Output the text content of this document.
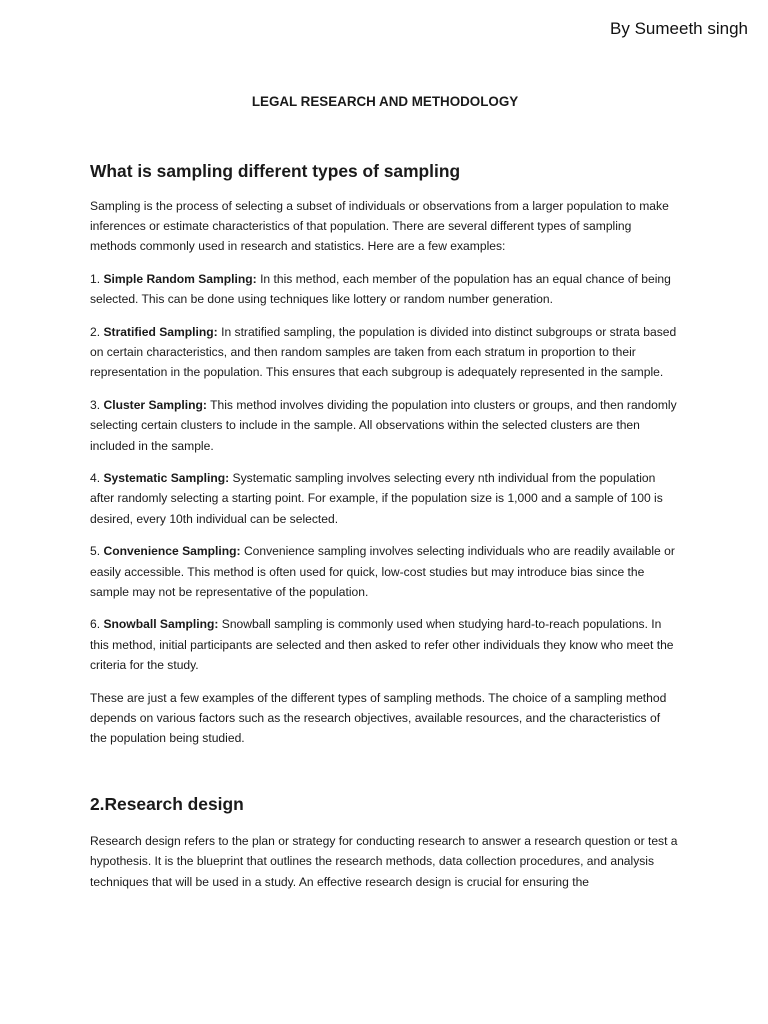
By Sumeeth singh
LEGAL RESEARCH AND METHODOLOGY
What is sampling different types of sampling

Sampling is the process of selecting a subset of individuals or observations from a larger population to make inferences or estimate characteristics of that population. There are several different types of sampling methods commonly used in research and statistics. Here are a few examples:

1. Simple Random Sampling: In this method, each member of the population has an equal chance of being selected. This can be done using techniques like lottery or random number generation.

2. Stratified Sampling: In stratified sampling, the population is divided into distinct subgroups or strata based on certain characteristics, and then random samples are taken from each stratum in proportion to their representation in the population. This ensures that each subgroup is adequately represented in the sample.

3. Cluster Sampling: This method involves dividing the population into clusters or groups, and then randomly selecting certain clusters to include in the sample. All observations within the selected clusters are then included in the sample.

4. Systematic Sampling: Systematic sampling involves selecting every nth individual from the population after randomly selecting a starting point. For example, if the population size is 1,000 and a sample of 100 is desired, every 10th individual can be selected.

5. Convenience Sampling: Convenience sampling involves selecting individuals who are readily available or easily accessible. This method is often used for quick, low-cost studies but may introduce bias since the sample may not be representative of the population.

6. Snowball Sampling: Snowball sampling is commonly used when studying hard-to-reach populations. In this method, initial participants are selected and then asked to refer other individuals they know who meet the criteria for the study.

These are just a few examples of the different types of sampling methods. The choice of a sampling method depends on various factors such as the research objectives, available resources, and the characteristics of the population being studied.

2.Research design

Research design refers to the plan or strategy for conducting research to answer a research question or test a hypothesis. It is the blueprint that outlines the research methods, data collection procedures, and analysis techniques that will be used in a study. An effective research design is crucial for ensuring the
